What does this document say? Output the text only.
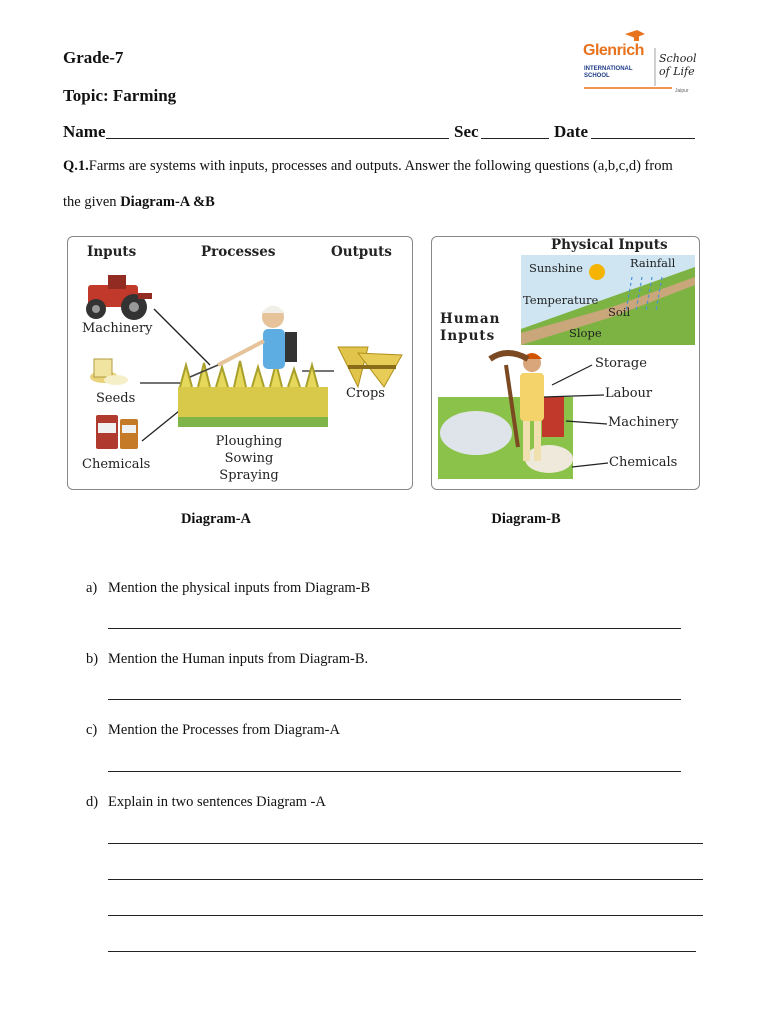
Grade-7
Topic: Farming
Name	Sec	Date
Glenrich
INTERNATIONAL
SCHOOL
School
of Life
Jaipur
Q.1.Farms are systems with inputs, processes and outputs. Answer the following questions (a,b,c,d) from
the given Diagram-A &B
Inputs	Processes	Outputs
Machinery
Seeds
Chemicals
Crops
Ploughing
Sowing
Spraying
Physical Inputs
Sunshine	Rainfall
Temperature
Soil
Slope
Human
Inputs
Storage
Labour
Machinery
Chemicals
Diagram-A	Diagram-B
a) Mention the physical inputs from Diagram-B
b) Mention the Human inputs from Diagram-B.
c) Mention the Processes from Diagram-A
d) Explain in two sentences Diagram -A
